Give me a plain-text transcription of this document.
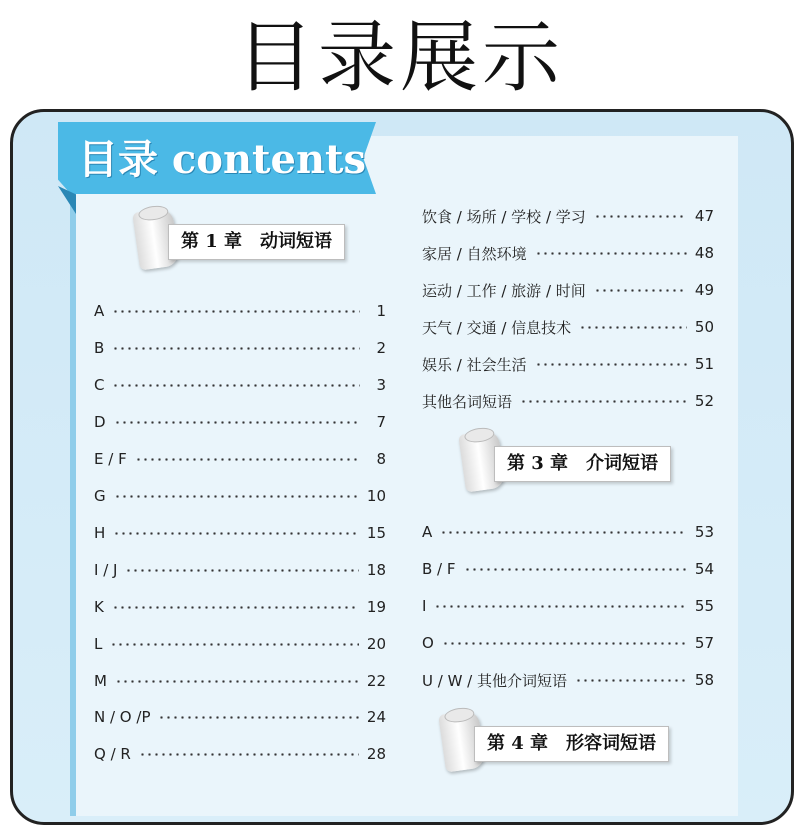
目录展示
目录 contents
第 1 章　动词短语
第 3 章　介词短语
第 4 章　形容词短语
A	1
B	2
C	3
D	7
E / F	8
G	10
H	15
I / J	18
K	19
L	20
M	22
N / O /P	24
Q / R	28
饮食 / 场所 / 学校 / 学习	47
家居 / 自然环境	48
运动 / 工作 / 旅游 / 时间	49
天气 / 交通 / 信息技术	50
娱乐 / 社会生活	51
其他名词短语	52
A	53
B / F	54
I	55
O	57
U / W / 其他介词短语	58
